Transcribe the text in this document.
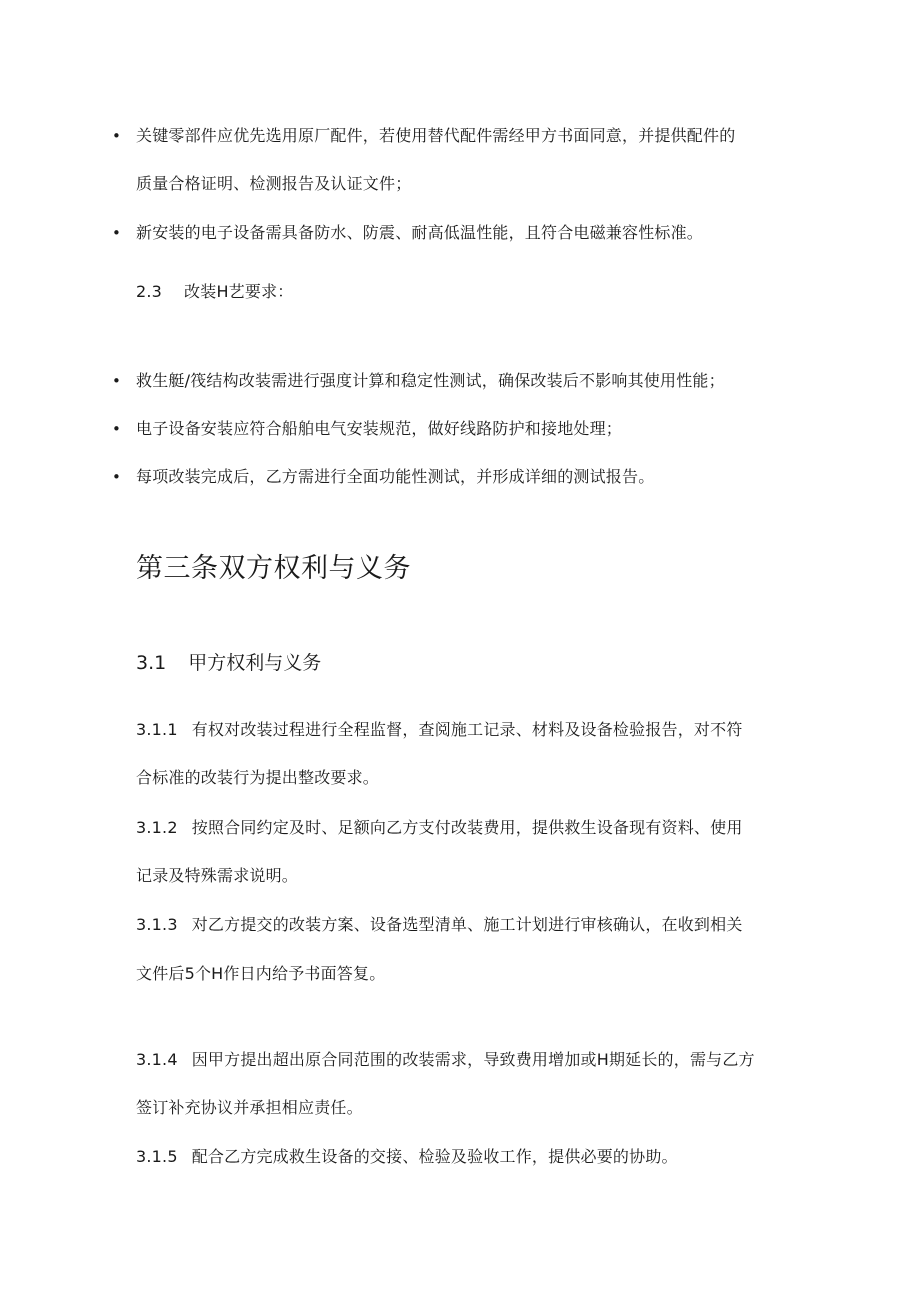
• 关键零部件应优先选用原厂配件，若使用替代配件需经甲方书面同意，并提供配件的
质量合格证明、检测报告及认证文件；
• 新安装的电子设备需具备防水、防震、耐高低温性能，且符合电磁兼容性标准。
2.3 改装H艺要求：
• 救生艇/筏结构改装需进行强度计算和稳定性测试，确保改装后不影响其使用性能；
• 电子设备安装应符合船舶电气安装规范，做好线路防护和接地处理；
• 每项改装完成后，乙方需进行全面功能性测试，并形成详细的测试报告。
第三条双方权利与义务
3.1 甲方权利与义务
3.1.1 有权对改装过程进行全程监督，查阅施工记录、材料及设备检验报告，对不符
合标准的改装行为提出整改要求。
3.1.2 按照合同约定及时、足额向乙方支付改装费用，提供救生设备现有资料、使用
记录及特殊需求说明。
3.1.3 对乙方提交的改装方案、设备选型清单、施工计划进行审核确认，在收到相关
文件后5个H作日内给予书面答复。
3.1.4 因甲方提出超出原合同范围的改装需求，导致费用增加或H期延长的，需与乙方
签订补充协议并承担相应责任。
3.1.5 配合乙方完成救生设备的交接、检验及验收工作，提供必要的协助。
